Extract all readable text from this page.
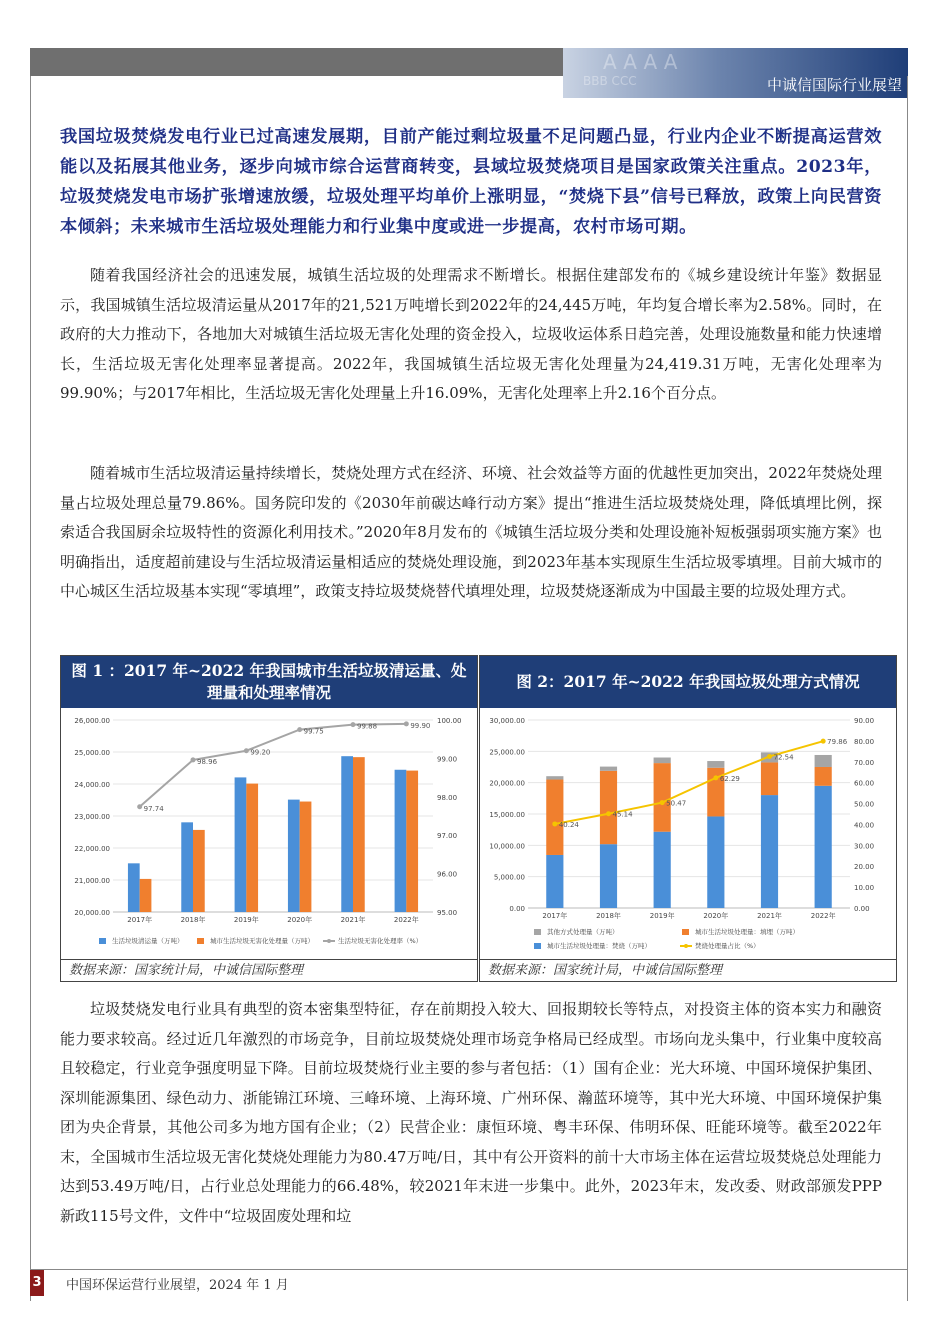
AAAA
BBB CCC	中诚信国际行业展望
我国垃圾焚烧发电行业已过高速发展期，目前产能过剩垃圾量不足问题凸显，行业内企业不断提高运营效能以及拓展其他业务，逐步向城市综合运营商转变，县域垃圾焚烧项目是国家政策关注重点。2023年，垃圾焚烧发电市场扩张增速放缓，垃圾处理平均单价上涨明显，“焚烧下县”信号已释放，政策上向民营资本倾斜；未来城市生活垃圾处理能力和行业集中度或进一步提高，农村市场可期。
随着我国经济社会的迅速发展，城镇生活垃圾的处理需求不断增长。根据住建部发布的《城乡建设统计年鉴》数据显示，我国城镇生活垃圾清运量从2017年的21,521万吨增长到2022年的24,445万吨，年均复合增长率为2.58%。同时，在政府的大力推动下，各地加大对城镇生活垃圾无害化处理的资金投入，垃圾收运体系日趋完善，处理设施数量和能力快速增长，生活垃圾无害化处理率显著提高。2022年，我国城镇生活垃圾无害化处理量为24,419.31万吨，无害化处理率为99.90%；与2017年相比，生活垃圾无害化处理量上升16.09%，无害化处理率上升2.16个百分点。
随着城市生活垃圾清运量持续增长，焚烧处理方式在经济、环境、社会效益等方面的优越性更加突出，2022年焚烧处理量占垃圾处理总量79.86%。国务院印发的《2030年前碳达峰行动方案》提出“推进生活垃圾焚烧处理，降低填埋比例，探索适合我国厨余垃圾特性的资源化利用技术。”2020年8月发布的《城镇生活垃圾分类和处理设施补短板强弱项实施方案》也明确指出，适度超前建设与生活垃圾清运量相适应的焚烧处理设施，到2023年基本实现原生生活垃圾零填埋。目前大城市的中心城区生活垃圾基本实现“零填埋”，政策支持垃圾焚烧替代填埋处理，垃圾焚烧逐渐成为中国最主要的垃圾处理方式。
图 1 ：2017 年~2022 年我国城市生活垃圾清运量、处理量和处理率情况
20,000.00
21,000.00
22,000.00
23,000.00
24,000.00
25,000.00
26,000.00
95.00
96.00
97.00
98.00
99.00
100.00
97.74
98.96
99.20
99.75
99.88	99.90
2017年	2018年	2019年	2020年	2021年	2022年
生活垃圾清运量（万吨）	城市生活垃圾无害化处理量（万吨）	生活垃圾无害化处理率（%）
数据来源：国家统计局，中诚信国际整理
图 2：2017 年~2022 年我国垃圾处理方式情况
0.00
5,000.00
10,000.00
15,000.00
20,000.00
25,000.00
30,000.00
0.00
10.00
20.00
30.00
40.00
50.00
60.00
70.00
80.00
90.00
40.24
45.14
50.47
62.29
72.54
79.86
2017年	2018年	2019年	2020年	2021年	2022年
其他方式处理量（万吨）	城市生活垃圾处理量：填埋（万吨）
城市生活垃圾处理量：焚烧（万吨）	焚烧处理量占比（%）
数据来源：国家统计局，中诚信国际整理
垃圾焚烧发电行业具有典型的资本密集型特征，存在前期投入较大、回报期较长等特点，对投资主体的资本实力和融资能力要求较高。经过近几年激烈的市场竞争，目前垃圾焚烧处理市场竞争格局已经成型。市场向龙头集中，行业集中度较高且较稳定，行业竞争强度明显下降。目前垃圾焚烧行业主要的参与者包括：（1）国有企业：光大环境、中国环境保护集团、深圳能源集团、绿色动力、浙能锦江环境、三峰环境、上海环境、广州环保、瀚蓝环境等，其中光大环境、中国环境保护集团为央企背景，其他公司多为地方国有企业；（2）民营企业：康恒环境、粤丰环保、伟明环保、旺能环境等。截至2022年末，全国城市生活垃圾无害化焚烧处理能力为80.47万吨/日，其中有公开资料的前十大市场主体在运营垃圾焚烧总处理能力达到53.49万吨/日，占行业总处理能力的66.48%，较2021年末进一步集中。此外，2023年末，发改委、财政部颁发PPP新政115号文件，文件中“垃圾固废处理和垃
3 中国环保运营行业展望，2024 年 1 月
